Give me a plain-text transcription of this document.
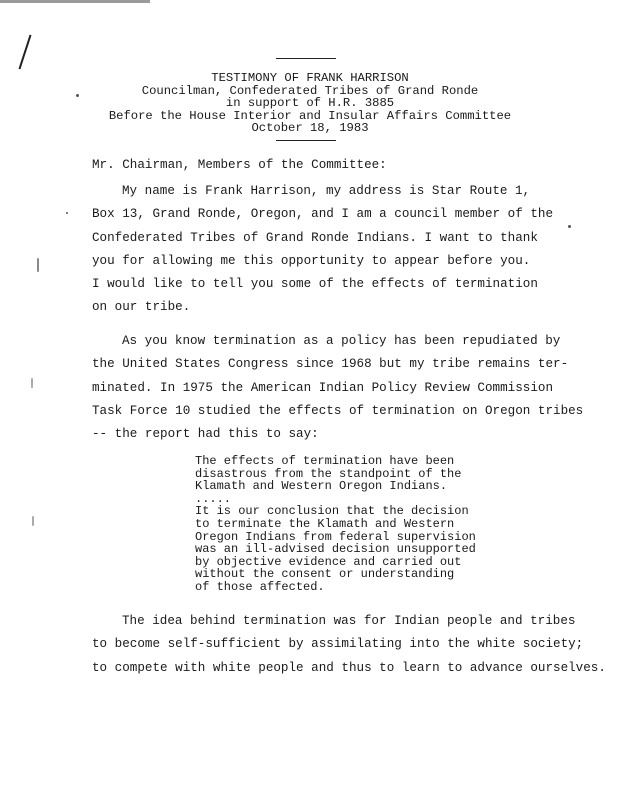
TESTIMONY OF FRANK HARRISON
Councilman, Confederated Tribes of Grand Ronde
in support of H.R. 3885
Before the House Interior and Insular Affairs Committee
October 18, 1983
Mr. Chairman, Members of the Committee:
My name is Frank Harrison, my address is Star Route 1,
Box 13, Grand Ronde, Oregon, and I am a council member of the
Confederated Tribes of Grand Ronde Indians. I want to thank
you for allowing me this opportunity to appear before you.
I would like to tell you some of the effects of termination
on our tribe.
As you know termination as a policy has been repudiated by
the United States Congress since 1968 but my tribe remains ter-
minated. In 1975 the American Indian Policy Review Commission
Task Force 10 studied the effects of termination on Oregon tribes
-- the report had this to say:
The effects of termination have been
disastrous from the standpoint of the
Klamath and Western Oregon Indians.
.....
It is our conclusion that the decision
to terminate the Klamath and Western
Oregon Indians from federal supervision
was an ill-advised decision unsupported
by objective evidence and carried out
without the consent or understanding
of those affected.
The idea behind termination was for Indian people and tribes
to become self-sufficient by assimilating into the white society;
to compete with white people and thus to learn to advance ourselves.
